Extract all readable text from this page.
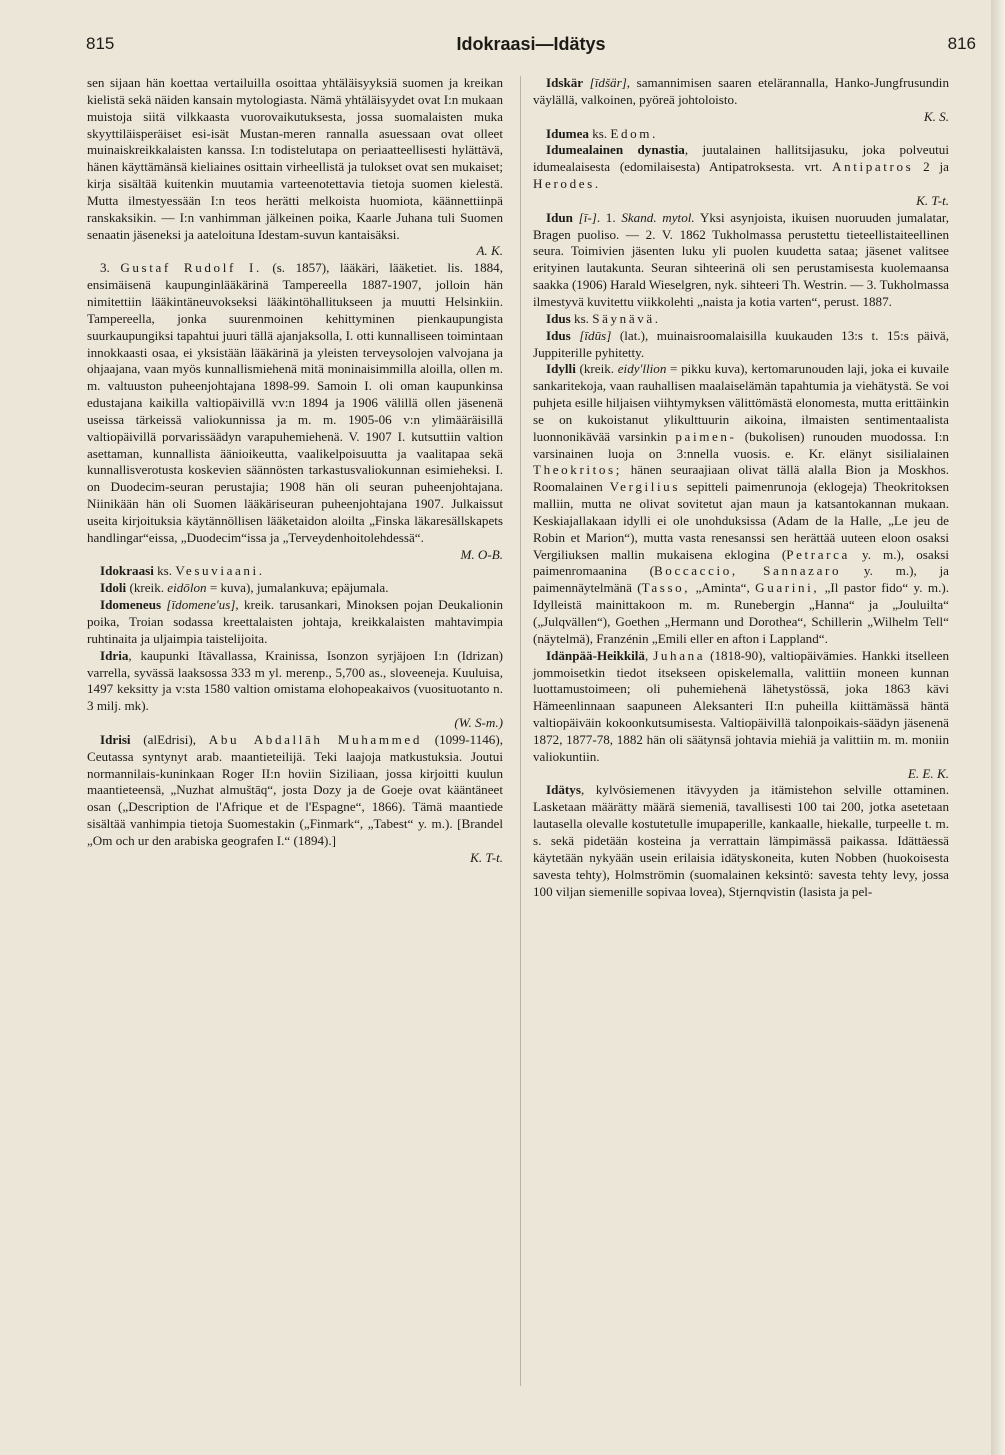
815	Idokraasi—Idätys	816

sen sijaan hän koettaa vertailuilla osoittaa yhtäläisyyksiä suomen ja kreikan kielistä sekä näiden kansain mytologiasta. Nämä yhtäläisyydet ovat I:n mukaan muistoja siitä vilkkaasta vuorovaikutuksesta, jossa suomalaisten muka skyyttiläisperäiset esi-isät Mustan-meren rannalla asuessaan ovat olleet muinaiskreikkalaisten kanssa. I:n todistelutapa on periaatteellisesti hylättävä, hänen käyttämänsä kieliaines osittain virheellistä ja tulokset ovat sen mukaiset; kirja sisältää kuitenkin muutamia varteenotettavia tietoja suomen kielestä. Mutta ilmestyessään I:n teos herätti melkoista huomiota, käännettiinpä ranskaksikin. — I:n vanhimman jälkeinen poika, Kaarle Juhana tuli Suomen senaatin jäseneksi ja aateloituna Idestam-suvun kantaisäksi.

A. K.

3. Gustaf Rudolf I. (s. 1857), lääkäri, lääketiet. lis. 1884, ensimäisenä kaupunginlääkärinä Tampereella 1887-1907, jolloin hän nimitettiin lääkintäneuvokseksi lääkintöhallitukseen ja muutti Helsinkiin. Tampereella, jonka suurenmoinen kehittyminen pienkaupungista suurkaupungiksi tapahtui juuri tällä ajanjaksolla, I. otti kunnalliseen toimintaan innokkaasti osaa, ei yksistään lääkärinä ja yleisten terveysolojen valvojana ja ohjaajana, vaan myös kunnallismiehenä mitä moninaisimmilla aloilla, ollen m. m. valtuuston puheenjohtajana 1898-99. Samoin I. oli oman kaupunkinsa edustajana kaikilla valtiopäivillä vv:n 1894 ja 1906 välillä ollen jäsenenä useissa tärkeissä valiokunnissa ja m. m. 1905-06 v:n ylimääräisillä valtiopäivillä porvarissäädyn varapuhemiehenä. V. 1907 I. kutsuttiin valtion asettaman, kunnallista äänioikeutta, vaalikelpoisuutta ja vaalitapaa sekä kunnallisverotusta koskevien säännösten tarkastusvaliokunnan esimieheksi. I. on Duodecim-seuran perustajia; 1908 hän oli seuran puheenjohtajana. Niinikään hän oli Suomen lääkäriseuran puheenjohtajana 1907. Julkaissut useita kirjoituksia käytännöllisen lääketaidon aloilta „Finska läkaresällskapets handlingar“eissa, „Duodecim“issa ja „Terveydenhoitolehdessä“.

M. O-B.

Idokraasi ks. Vesuviaani.

Idoli (kreik. eidōlon = kuva), jumalankuva; epäjumala.

Idomeneus [īdomene'us], kreik. tarusankari, Minoksen pojan Deukalionin poika, Troian sodassa kreettalaisten johtaja, kreikkalaisten mahtavimpia ruhtinaita ja uljaimpia taistelijoita.

Idria, kaupunki Itävallassa, Krainissa, Isonzon syrjäjoen I:n (Idrizan) varrella, syvässä laaksossa 333 m yl. merenp., 5,700 as., sloveeneja. Kuuluisa, 1497 keksitty ja v:sta 1580 valtion omistama elohopeakaivos (vuosituotanto n. 3 milj. mk).

(W. S-m.)

Idrisi (alEdrisi), Abu Abdallāh Muhammed (1099-1146), Ceutassa syntynyt arab. maantieteilijä. Teki laajoja matkustuksia. Joutui normannilais-kuninkaan Roger II:n hoviin Siziliaan, jossa kirjoitti kuulun maantieteensä, „Nuzhat almuštāq“, josta Dozy ja de Goeje ovat kääntäneet osan („Description de l'Afrique et de l'Espagne“, 1866). Tämä maantiede sisältää vanhimpia tietoja Suomestakin („Finmark“, „Tabest“ y. m.). [Brandel „Om och ur den arabiska geografen I.“ (1894).]

K. T-t.

Idskär [īdšär], samannimisen saaren etelärannalla, Hanko-Jungfrusundin väylällä, valkoinen, pyöreä johtoloisto.

K. S.

Idumea ks. Edom.

Idumealainen dynastia, juutalainen hallitsijasuku, joka polveutui idumealaisesta (edomilaisesta) Antipatroksesta. vrt. Antipatros 2 ja Herodes.

K. T-t.

Idun [ī-]. 1. Skand. mytol. Yksi asynjoista, ikuisen nuoruuden jumalatar, Bragen puoliso. — 2. V. 1862 Tukholmassa perustettu tieteellistaiteellinen seura. Toimivien jäsenten luku yli puolen kuudetta sataa; jäsenet valitsee erityinen lautakunta. Seuran sihteerinä oli sen perustamisesta kuolemaansa saakka (1906) Harald Wieselgren, nyk. sihteeri Th. Westrin. — 3. Tukholmassa ilmestyvä kuvitettu viikkolehti „naista ja kotia varten“, perust. 1887.

Idus ks. Säynävä.

Idus [īdūs] (lat.), muinaisroomalaisilla kuukauden 13:s t. 15:s päivä, Juppiterille pyhitetty.

Idylli (kreik. eidy'llion = pikku kuva), kertomarunouden laji, joka ei kuvaile sankaritekoja, vaan rauhallisen maalaiselämän tapahtumia ja viehätystä. Se voi puhjeta esille hiljaisen viihtymyksen välittömästä elonomesta, mutta erittäinkin se on kukoistanut ylikulttuurin aikoina, ilmaisten sentimentaalista luonnonikävää varsinkin paimen- (bukolisen) runouden muodossa. I:n varsinainen luoja on 3:nnella vuosis. e. Kr. elänyt sisilialainen Theokritos; hänen seuraajiaan olivat tällä alalla Bion ja Moskhos. Roomalainen Vergilius sepitteli paimenrunoja (eklogeja) Theokritoksen malliin, mutta ne olivat sovitetut ajan maun ja katsantokannan mukaan. Keskiajallakaan idylli ei ole unohduksissa (Adam de la Halle, „Le jeu de Robin et Marion“), mutta vasta renesanssi sen herättää uuteen eloon osaksi Vergiliuksen mallin mukaisena eklogina (Petrarca y. m.), osaksi paimenromaanina (Boccaccio, Sannazaro y. m.), ja paimennäytelmänä (Tasso, „Aminta“, Guarini, „Il pastor fido“ y. m.). Idylleistä mainittakoon m. m. Runebergin „Hanna“ ja „Jouluilta“ („Julqvällen“), Goethen „Hermann und Dorothea“, Schillerin „Wilhelm Tell“ (näytelmä), Franzénin „Emili eller en afton i Lappland“.

Idänpää-Heikkilä, Juhana (1818-90), valtiopäivämies. Hankki itselleen jommoisetkin tiedot itsekseen opiskelemalla, valittiin moneen kunnan luottamustoimeen; oli puhemiehenä lähetystössä, joka 1863 kävi Hämeenlinnaan saapuneen Aleksanteri II:n puheilla kiittämässä häntä valtiopäiväin kokoonkutsumisesta. Valtiopäivillä talonpoikais-säädyn jäsenenä 1872, 1877-78, 1882 hän oli säätynsä johtavia miehiä ja valittiin m. m. moniin valiokuntiin.

E. E. K.

Idätys, kylvösiemenen itävyyden ja itämistehon selville ottaminen. Lasketaan määrätty määrä siemeniä, tavallisesti 100 tai 200, jotka asetetaan lautasella olevalle kostutetulle imupaperille, kankaalle, hiekalle, turpeelle t. m. s. sekä pidetään kosteina ja verrattain lämpimässä paikassa. Idättäessä käytetään nykyään usein erilaisia idätyskoneita, kuten Nobben (huokoisesta savesta tehty), Holmströmin (suomalainen keksintö: savesta tehty levy, jossa 100 viljan siemenille sopivaa lovea), Stjernqvistin (lasista ja pel-
